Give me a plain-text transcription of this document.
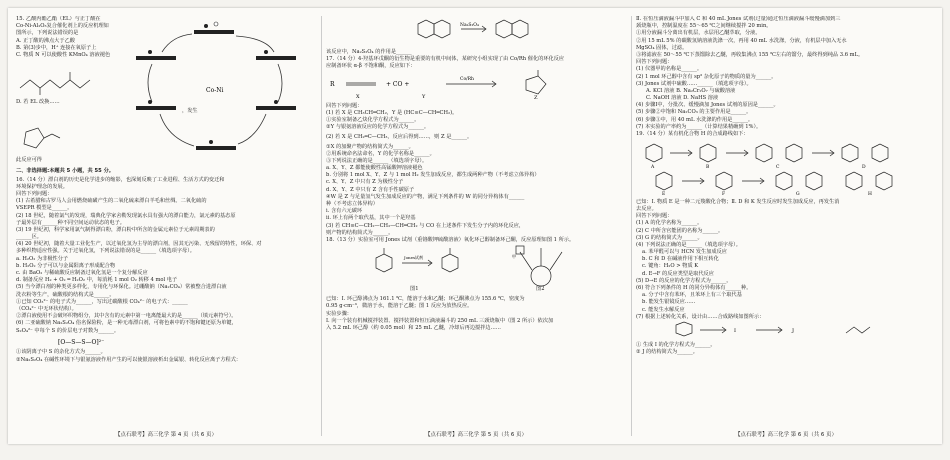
15. 乙酸丙酯乙酯（EL）与正丁酸在

Co-Ni-Al₂O₃复合催化剂上的反应机理如

图所示，下列说法错误的是

A. 正丁酸的沸点大于乙酸

B. 第(3)步中，H⁺ 连接在氧原子上

C. 物质 N 可以使酸性 KMnO₄ 溶液褪色

Co-Ni

D. 若 EL 改换……

，发生

此反应可得

二、非选择题:本题共 5 小题，共 55 分。

16.（14 分）漂白剂的历史是化学进步的缩影，也深刻反映了工业进程、生活方式的变迁和

环境保护理念的发展。

回答下列问题：

(1) 古希腊和古罗马人会用燃烧硫磺产生的二氧化硫来漂白羊毛和丝绸。二氧化硫的

VSEPR 模型是______。

(2) 18 世纪，随着氯气的发现，瑞典化学家舍勒发现氯水具有强大的漂白能力，氯元素的基态原

子最外层有______种不同空间运动状态的电子。

(3) 19 世纪初，科学家用氯气制得漂白粉，漂白粉中所含的金属元素位于元素周期表的

______区。

(4) 20 世纪初，随着大量工业化生产，以过氧化氢为主导的漂白剂，因其无污染、无残留的特性，环保、对

多种织物适应性强。关于过氧化氢，下列说法错误的是______（填选项字母）。

a. H₂O₂ 为非极性分子

b. H₂O₂ 分子可以与金属阳离子形成配合物

c. 由 BaO₂ 与稀硫酸反应制备过氧化氢是一个复分解反应

d. 制备反应 H₂ + O₂ ═ H₂O₂ 中，每消耗 1 mol O₂ 转移 4 mol 电子

(5) 当今漂白剂的种类更多样化，专用化与环保化。过硼酸钠（Na₂CO₄）常被整合进漂白液

洗衣粉等生产，硫酸根的结构式是______。

①已知 CO₃²⁻ 的电子式为______，写出过碳酸根 CO₄²⁻ 的电子式：______

（CO₄²⁻ 中无环状结构）。

②漂白液使用不会破坏织物组分，其中含有的元素中第一电离能最大的是______（填元素符号）。

(6) 二亚硫酸钠 Na₂S₂O₄ 俗名保险粉，是一种无毒漂白剂，可将色素中的不饱和键还原为单键，

S₂O₄²⁻ 中每个 S 的价层电子对数为______。

[O—S—S—O]²⁻

①该阴离子中 S 的杂化方式为______。

②Na₂S₂O₄ 在碱性环境下与银氨溶液作用产生的可以使银溶液析出金属银、转化反应离子方程式：

Na₂S₂O₄

该反应中，Na₂S₂O₄ 的作用是______

17.（14 分）4-羟基环戊酮的衍生物是重要的有机中间体，某研究小组实现了由 Co/Rh 催化的环化反应

应制备环状 α-β 不饱和酮，反应如下：

R	+ CO +
Co/Rh
X	Y	Z

回答下列问题：

(1) 若 X 是 CH₃CH═CH₂，Y 是 (HC≡C—CH═CH₂)。

①实验室制备乙炔化学方程式为______。

②Y 与银氨溶液反应的化学方程式为______。

(2) 若 X 是 CH₂═C—CH₃，反应后得到……，则 Z 是______。

①X 的加聚产物的结构简式为______。

②用系统命名法命名，Y 的化学名称是______。

③下列说法正确的是______（填选项字母）。

a. X、Y、Z 都能使酸性高锰酸钾溶液褪色

b. 分别将 1 mol X、Y、Z 与 1 mol H₂ 发生加成反应，都生成两种产物（不考虑立体异构）

c. X、Y、Z 中只有 Z 为极性分子

d. X、Y、Z 中只有 Z 含有手性碳原子

④W 是 Z 与足量氢气发生加成反应的产物，满足下列条件的 W 的同分异构体有______

种（不考虑立体异构）

i. 含有六元碳环

ii. 环上有两个取代基，其中一个是羟基

(3) 若 CH≡C—CH₂—CH₂—CH═CH₂ 与 CO 在上述条件下发生分子内的环化反应，

则产物的结构简式为______。

18.（13 分）实验室可用 Jones 试剂（重铬酸钾硫酸溶液）氧化环己醇制备环己酮，反应原理如图 1 所示。

Jones试剂

图1

甲

图2

已知：I. 环己醇沸点为 161.1 ℃，能溶于水和乙醚；环己酮沸点为 155.6 ℃，密度为

0.95 g·cm⁻³，微溶于水，能溶于乙醚；图 1 反应为放热反应。

实验步骤：

I. 向一个装有机械搅拌装置、搅拌装置和恒压滴液漏斗的 250 mL 三颈烧瓶中（图 2 所示）依次加

入 5.2 mL 环己醇（约 0.05 mol）和 25 mL 乙醚，冷却后再边搅拌边……

Ⅱ. 在恒压滴液漏斗中加入 C 和 40 mL Jones 试剂(过量)通过恒压滴液漏斗缓慢滴加到三

颈烧瓶中，控制温度在 55～65 ℃之间继续搅拌 20 min。

①用分液漏斗分离出有机层，水层用乙醚萃取，分液。

②用 15 mL 5% 的碳酸氢钠溶液洗涤一次，再用 40 mL 水洗涤，分液，有机层中加入无水

MgSO₄ 固体，过滤。

③将滤液在 50～55 ℃下蒸馏除去乙醚，再收集沸点 155 ℃左右的馏分，最终得到纯品 3.6 mL。

回答下列问题：

(1) 仪器甲的名称是______。

(2) 1 mol 环己醇中含有 sp³ 杂化原子的物质的量为______。

(3) Jones 试剂中硫酸……______（填选项字母）。

A. KCl 溶液 B. Na₂Cr₂O₇ 与硫酸溶液

C. NaOH 溶液 D. NaHS 溶液

(4) 步骤Ⅰ中，分批次、缓慢滴加 Jones 试剂的原因是______。

(5) 步骤②中饱和 Na₂CO₃ 的主要作用是______。

(6) 步骤③中，用 40 mL 水洗涤的作用是______。

(7) 本实验的产率约为______（计算结果精确到 1%）。

19.（14 分）某有机化合物 H 的合成路线如下：

A	B	C	D
E	F	G	H

已知：Ⅰ. 物质 E 是一种二元羧酸化合物；Ⅱ. D 和 K 发生反应时发生加成反应，再发生消

去反应。

回答下列问题：

(1) A 的化学名称为______。

(2) C 中所含官能团的名称为______。

(3) G 的结构简式为______。

(4) 下列说法正确的是______（填选项字母）。

a. 苯甲醛可以与 HCN 发生加成反应

b. C 和 D 在碱液作用下相互转化

c. 键角：H₂O > 物质 K

d. E→F 的反应类型是取代反应

(5) D→E 的反应的化学方程式为______。

(6) 符合下列条件的 H 的同分异构体有______种。

a. 分子中含有苯环，且苯环上有三个取代基

b. 能发生银镜反应……

c. 能发生水解反应

(7) 根据上述转化关系，设计由……合成路线如图所示：

I	J

① 生成 I 的化学方程式为______。

② J 的结构简式为______。

【点石联考】高三化学 第 4 页（共 6 页）	【点石联考】高三化学 第 5 页（共 6 页）	【点石联考】高三化学 第 6 页（共 6 页）
